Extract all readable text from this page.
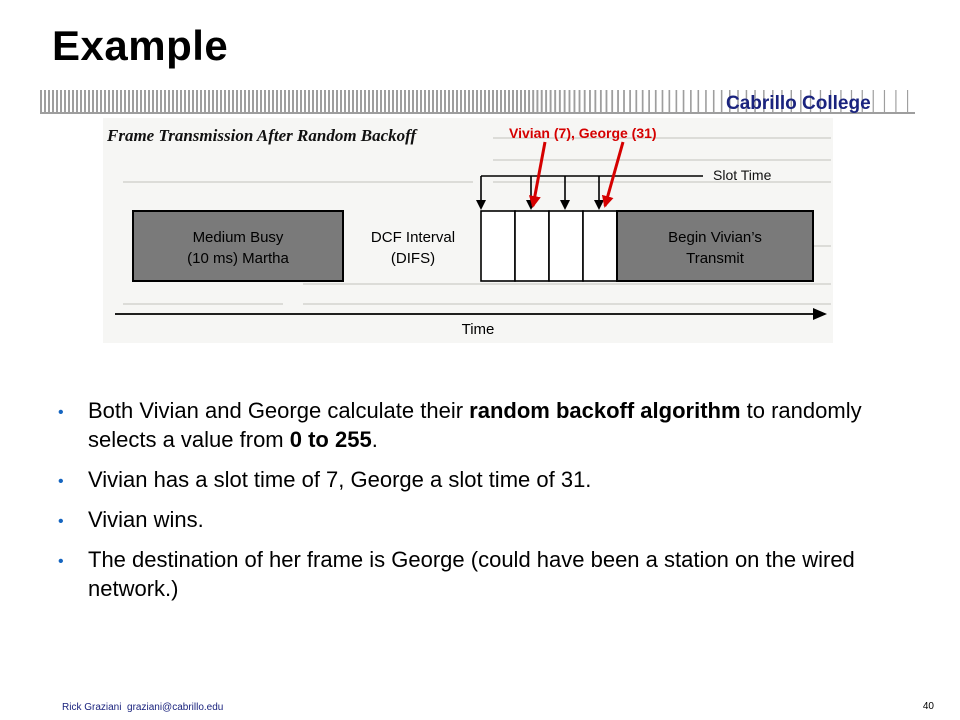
Example
Cabrillo College
Frame Transmission After Random Backoff	Vivian (7), George (31)
Slot Time
Medium Busy
(10 ms) Martha
DCF Interval
(DIFS)
Begin Vivian’s
Transmit
Time
• Both Vivian and George calculate their random backoff algorithm to randomly selects a value from 0 to 255.
• Vivian has a slot time of 7, George a slot time of 31.
• Vivian wins.
• The destination of her frame is George (could have been a station on the wired network.)
Rick Graziani graziani@cabrillo.edu	40
